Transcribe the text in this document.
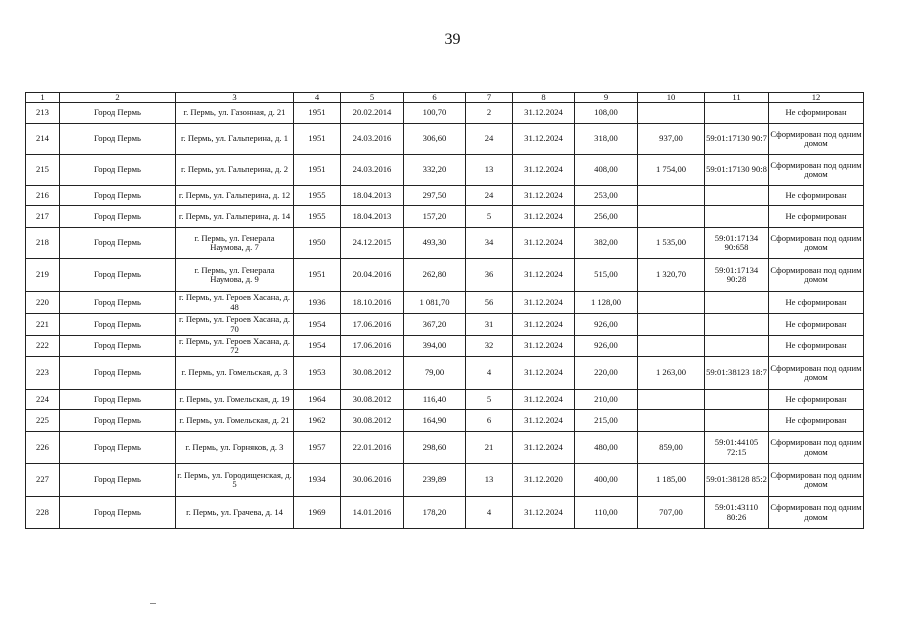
39
1	2	3	4	5	6	7	8	9	10	11	12
213	Город Пермь	г. Пермь, ул. Газонная, д. 21	1951	20.02.2014	100,70	2	31.12.2024	108,00			Не сформирован
214	Город Пермь	г. Пермь, ул. Гальперина, д. 1	1951	24.03.2016	306,60	24	31.12.2024	318,00	937,00	59:01:17130 90:7	Сформирован под одним домом
215	Город Пермь	г. Пермь, ул. Гальперина, д. 2	1951	24.03.2016	332,20	13	31.12.2024	408,00	1 754,00	59:01:17130 90:8	Сформирован под одним домом
216	Город Пермь	г. Пермь, ул. Гальперина, д. 12	1955	18.04.2013	297,50	24	31.12.2024	253,00			Не сформирован
217	Город Пермь	г. Пермь, ул. Гальперина, д. 14	1955	18.04.2013	157,20	5	31.12.2024	256,00			Не сформирован
218	Город Пермь	г. Пермь, ул. Генерала Наумова, д. 7	1950	24.12.2015	493,30	34	31.12.2024	382,00	1 535,00	59:01:17134 90:658	Сформирован под одним домом
219	Город Пермь	г. Пермь, ул. Генерала Наумова, д. 9	1951	20.04.2016	262,80	36	31.12.2024	515,00	1 320,70	59:01:17134 90:28	Сформирован под одним домом
220	Город Пермь	г. Пермь, ул. Героев Хасана, д. 48	1936	18.10.2016	1 081,70	56	31.12.2024	1 128,00			Не сформирован
221	Город Пермь	г. Пермь, ул. Героев Хасана, д. 70	1954	17.06.2016	367,20	31	31.12.2024	926,00			Не сформирован
222	Город Пермь	г. Пермь, ул. Героев Хасана, д. 72	1954	17.06.2016	394,00	32	31.12.2024	926,00			Не сформирован
223	Город Пермь	г. Пермь, ул. Гомельская, д. 3	1953	30.08.2012	79,00	4	31.12.2024	220,00	1 263,00	59:01:38123 18:7	Сформирован под одним домом
224	Город Пермь	г. Пермь, ул. Гомельская, д. 19	1964	30.08.2012	116,40	5	31.12.2024	210,00			Не сформирован
225	Город Пермь	г. Пермь, ул. Гомельская, д. 21	1962	30.08.2012	164,90	6	31.12.2024	215,00			Не сформирован
226	Город Пермь	г. Пермь, ул. Горняков, д. 3	1957	22.01.2016	298,60	21	31.12.2024	480,00	859,00	59:01:44105 72:15	Сформирован под одним домом
227	Город Пермь	г. Пермь, ул. Городищенская, д. 5	1934	30.06.2016	239,89	13	31.12.2020	400,00	1 185,00	59:01:38128 85:2	Сформирован под одним домом
228	Город Пермь	г. Пермь, ул. Грачева, д. 14	1969	14.01.2016	178,20	4	31.12.2024	110,00	707,00	59:01:43110 80:26	Сформирован под одним домом
